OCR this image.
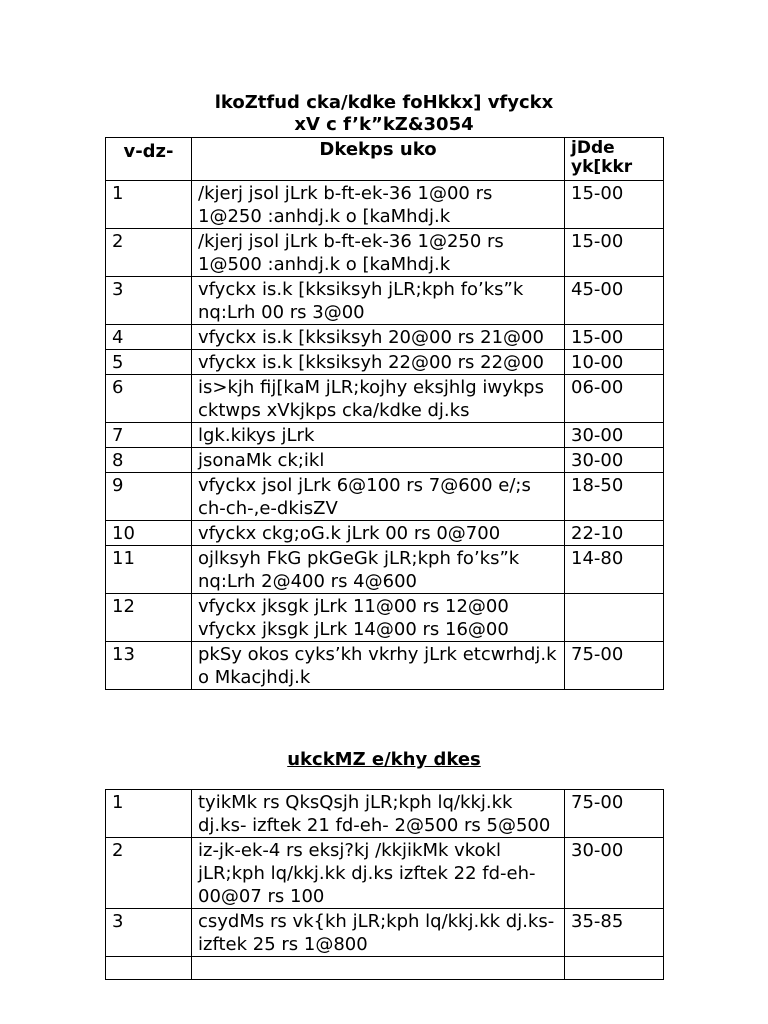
lkoZtfud cka/kdke foHkkx] vfyckx
xV c f’k”kZ&3054
v-dz-	Dkekps uko	jDde yk[kkr
1	/kjerj jsol jLrk b-ft-ek-36 1@00 rs 1@250 :anhdj.k o [kaMhdj.k	15-00
2	/kjerj jsol jLrk b-ft-ek-36 1@250 rs 1@500 :anhdj.k o [kaMhdj.k	15-00
3	vfyckx is.k [kksiksyh jLR;kph fo’ks”k nq:Lrh 00 rs 3@00	45-00
4	vfyckx is.k [kksiksyh 20@00 rs 21@00	15-00
5	vfyckx is.k [kksiksyh 22@00 rs 22@00	10-00
6	is>kjh fij[kaM jLR;kojhy eksjhlg iwykps cktwps xVkjkps cka/kdke dj.ks	06-00
7	lgk.kikys jLrk	30-00
8	jsonaMk ck;ikl	30-00
9	vfyckx jsol jLrk 6@100 rs 7@600 e/;s ch-ch-,e-dkisZV	18-50
10	vfyckx ckg;oG.k jLrk 00 rs 0@700	22-10
11	ojlksyh FkG pkGeGk jLR;kph fo’ks”k nq:Lrh 2@400 rs 4@600	14-80
12	vfyckx jksgk jLrk 11@00 rs 12@00 vfyckx jksgk jLrk 14@00 rs 16@00	
13	pkSy okos cyks’kh vkrhy jLrk etcwrhdj.k o Mkacjhdj.k	75-00
ukckMZ e/khy dkes
1	tyikMk rs QksQsjh jLR;kph lq/kkj.kk dj.ks- izftek 21 fd-eh- 2@500 rs 5@500	75-00
2	iz-jk-ek-4 rs eksj?kj /kkjikMk vkokl jLR;kph lq/kkj.kk dj.ks izftek 22 fd-eh-00@07 rs 100	30-00
3	csydMs rs vk{kh jLR;kph lq/kkj.kk dj.ks-izftek 25 rs 1@800	35-85
